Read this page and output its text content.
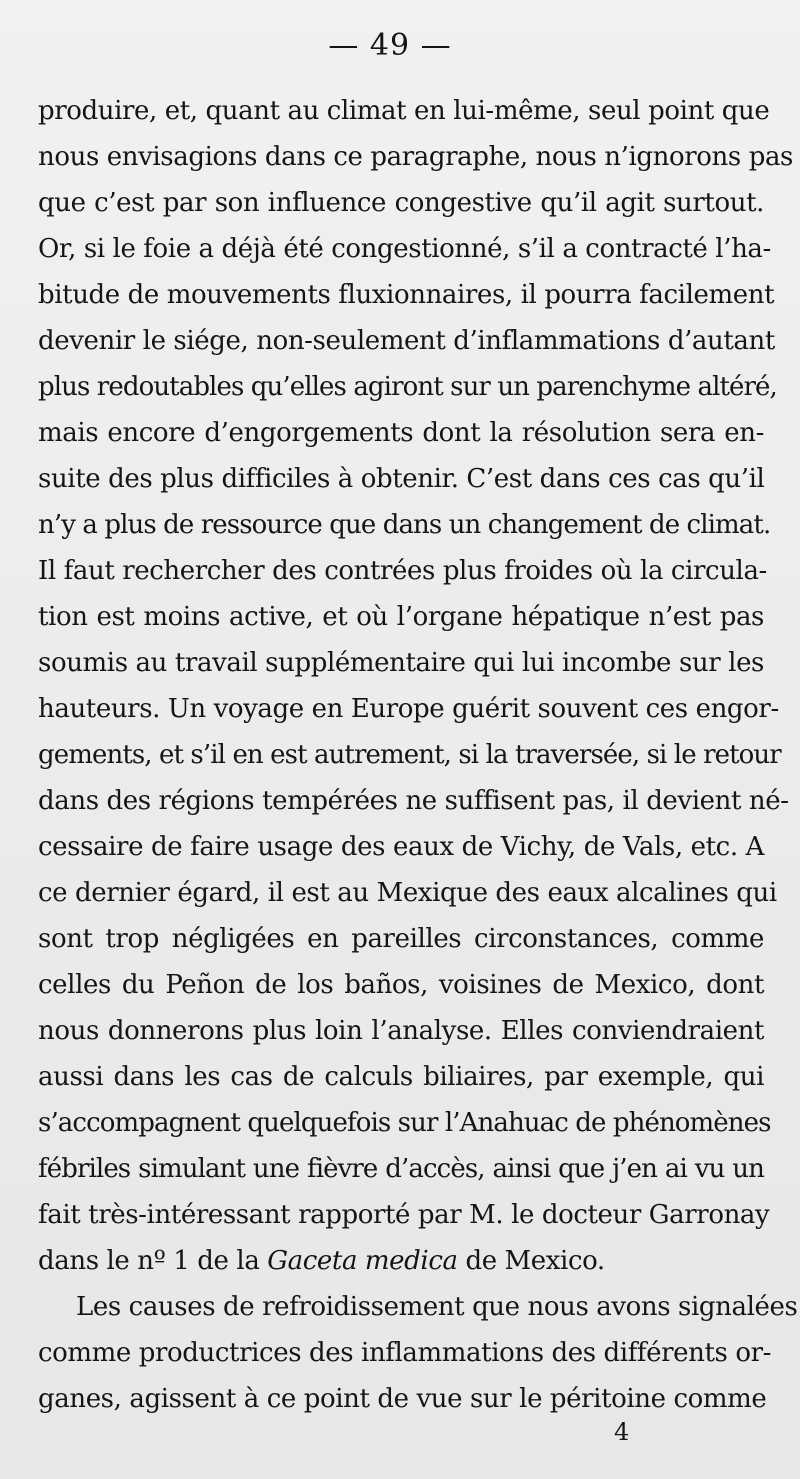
— 49 —
produire, et, quant au climat en lui-même, seul point que
nous envisagions dans ce paragraphe, nous n’ignorons pas
que c’est par son influence congestive qu’il agit surtout.
Or, si le foie a déjà été congestionné, s’il a contracté l’ha-
bitude de mouvements fluxionnaires, il pourra facilement
devenir le siége, non-seulement d’inflammations d’autant
plus redoutables qu’elles agiront sur un parenchyme altéré,
mais encore d’engorgements dont la résolution sera en-
suite des plus difficiles à obtenir. C’est dans ces cas qu’il
n’y a plus de ressource que dans un changement de climat.
Il faut rechercher des contrées plus froides où la circula-
tion est moins active, et où l’organe hépatique n’est pas
soumis au travail supplémentaire qui lui incombe sur les
hauteurs. Un voyage en Europe guérit souvent ces engor-
gements, et s’il en est autrement, si la traversée, si le retour
dans des régions tempérées ne suffisent pas, il devient né-
cessaire de faire usage des eaux de Vichy, de Vals, etc. A
ce dernier égard, il est au Mexique des eaux alcalines qui
sont trop négligées en pareilles circonstances, comme
celles du Peñon de los baños, voisines de Mexico, dont
nous donnerons plus loin l’analyse. Elles conviendraient
aussi dans les cas de calculs biliaires, par exemple, qui
s’accompagnent quelquefois sur l’Anahuac de phénomènes
fébriles simulant une fièvre d’accès, ainsi que j’en ai vu un
fait très-intéressant rapporté par M. le docteur Garronay
dans le nº 1 de la Gaceta medica de Mexico.
Les causes de refroidissement que nous avons signalées
comme productrices des inflammations des différents or-
ganes, agissent à ce point de vue sur le péritoine comme
4
